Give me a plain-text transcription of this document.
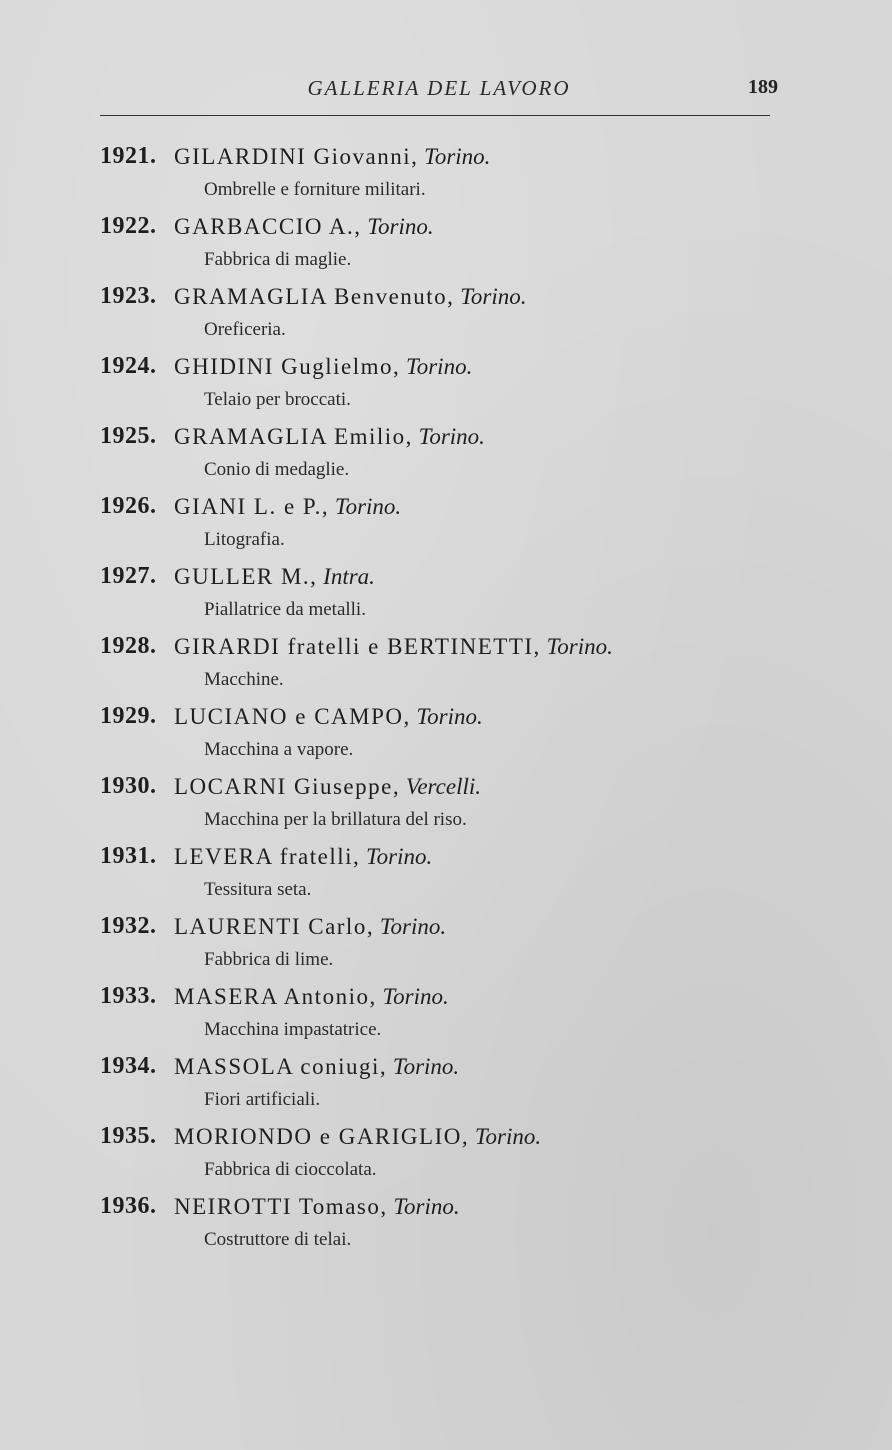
GALLERIA DEL LAVORO	189
1921. GILARDINI Giovanni, Torino.
Ombrelle e forniture militari.
1922. GARBACCIO A., Torino.
Fabbrica di maglie.
1923. GRAMAGLIA Benvenuto, Torino.
Oreficeria.
1924. GHIDINI Guglielmo, Torino.
Telaio per broccati.
1925. GRAMAGLIA Emilio, Torino.
Conio di medaglie.
1926. GIANI L. e P., Torino.
Litografia.
1927. GULLER M., Intra.
Piallatrice da metalli.
1928. GIRARDI fratelli e BERTINETTI, Torino.
Macchine.
1929. LUCIANO e CAMPO, Torino.
Macchina a vapore.
1930. LOCARNI Giuseppe, Vercelli.
Macchina per la brillatura del riso.
1931. LEVERA fratelli, Torino.
Tessitura seta.
1932. LAURENTI Carlo, Torino.
Fabbrica di lime.
1933. MASERA Antonio, Torino.
Macchina impastatrice.
1934. MASSOLA coniugi, Torino.
Fiori artificiali.
1935. MORIONDO e GARIGLIO, Torino.
Fabbrica di cioccolata.
1936. NEIROTTI Tomaso, Torino.
Costruttore di telai.
